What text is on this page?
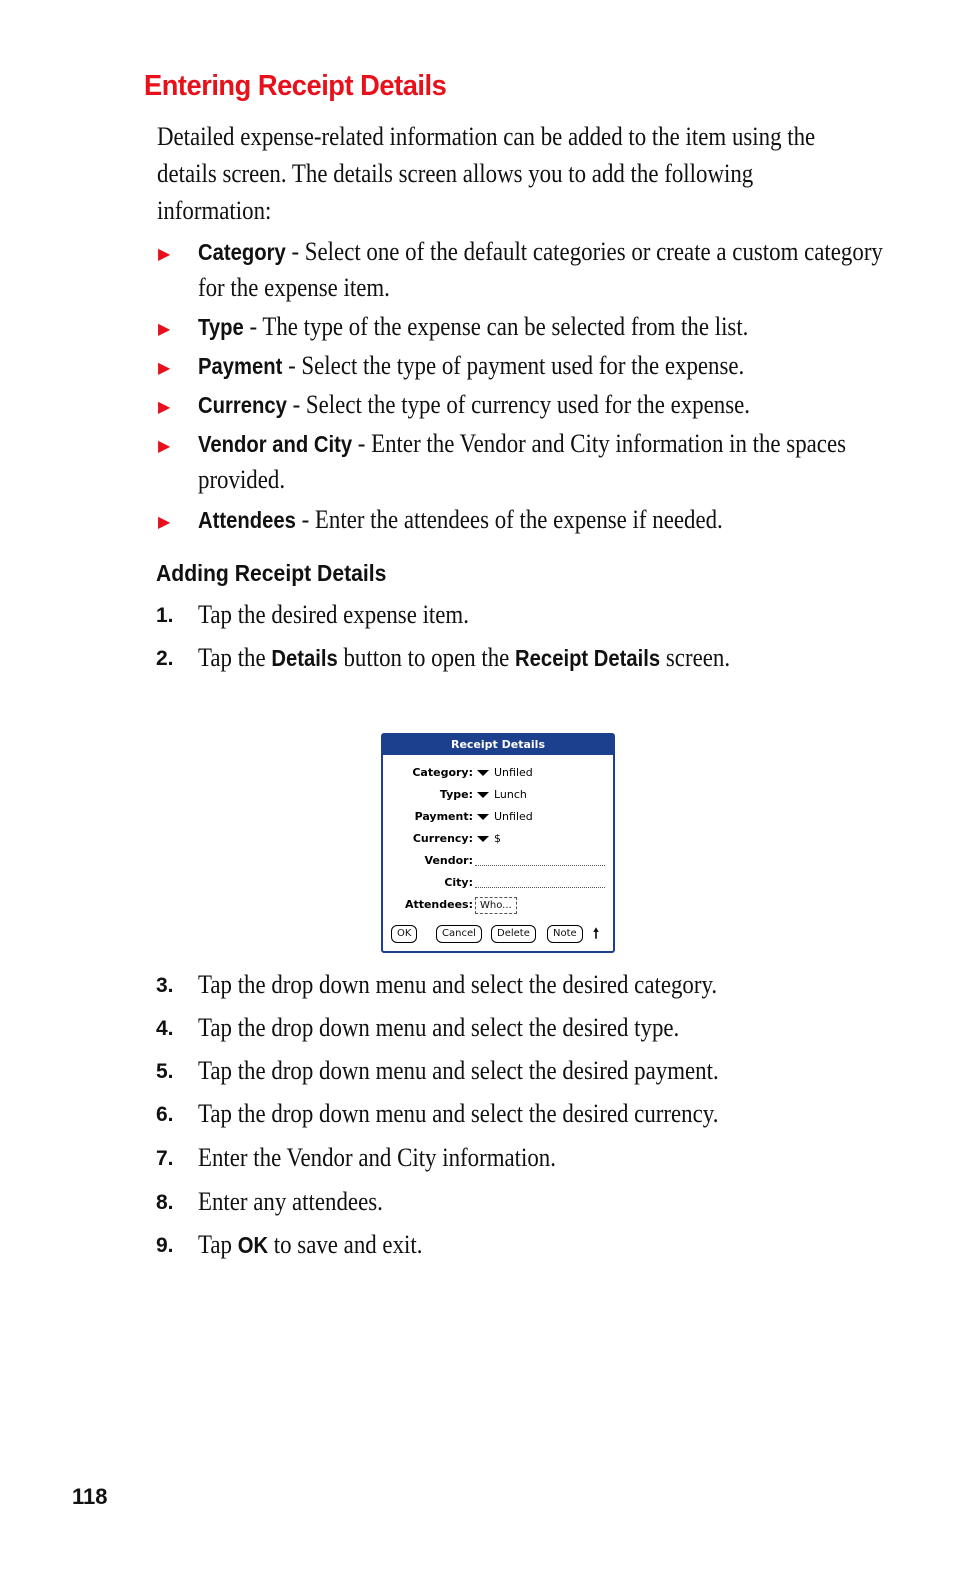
Entering Receipt Details

Detailed expense-related information can be added to the item using the details screen. The details screen allows you to add the following information:

▶ Category - Select one of the default categories or create a custom category for the expense item.
▶ Type - The type of the expense can be selected from the list.
▶ Payment - Select the type of payment used for the expense.
▶ Currency - Select the type of currency used for the expense.
▶ Vendor and City - Enter the Vendor and City information in the spaces provided.
▶ Attendees - Enter the attendees of the expense if needed.
Adding Receipt Details
1. Tap the desired expense item.
2. Tap the Details button to open the Receipt Details screen.
Receipt Details
Category: Unfiled
Type: Lunch
Payment: Unfiled
Currency: $
Vendor:
City:
Attendees: Who...
OK	Cancel	Delete	Note	🠕
3. Tap the drop down menu and select the desired category.
4. Tap the drop down menu and select the desired type.
5. Tap the drop down menu and select the desired payment.
6. Tap the drop down menu and select the desired currency.
7. Enter the Vendor and City information.
8. Enter any attendees.
9. Tap OK to save and exit.
118
